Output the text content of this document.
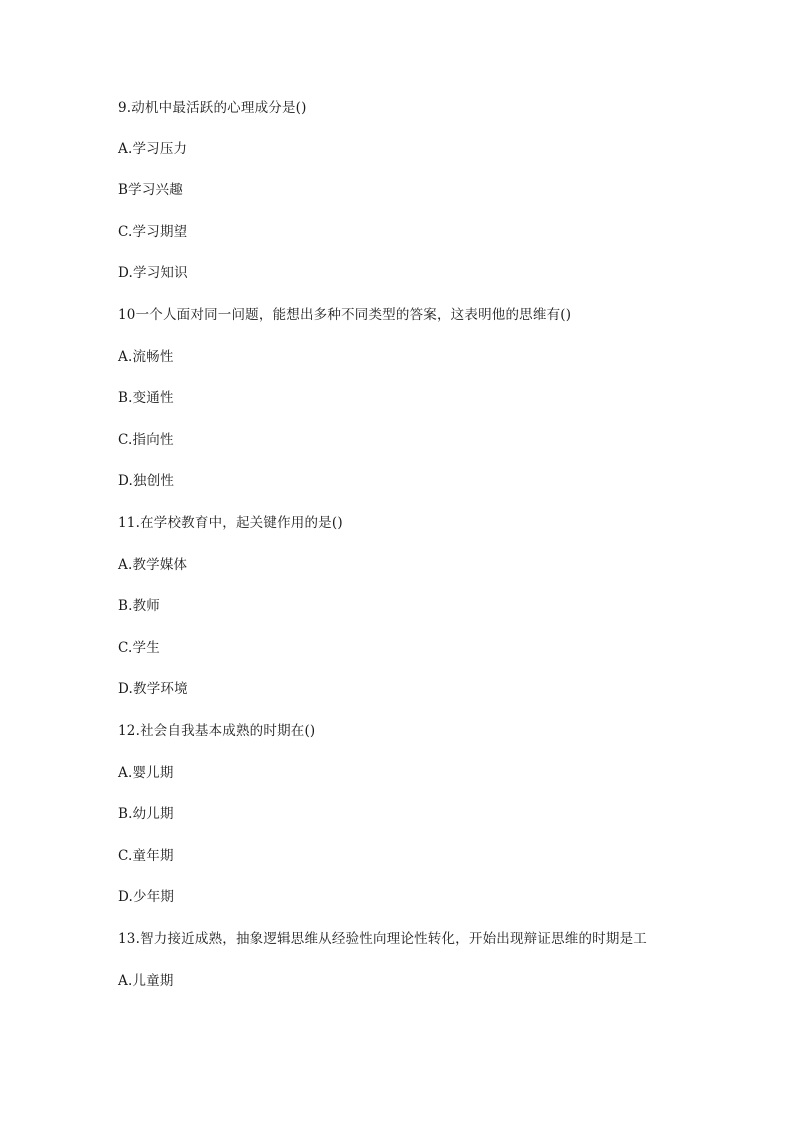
9.动机中最活跃的心理成分是()
A.学习压力
B学习兴趣
C.学习期望
D.学习知识
10一个人面对同一问题，能想出多种不同类型的答案，这表明他的思维有()
A.流畅性
B.变通性
C.指向性
D.独创性
11.在学校教育中，起关键作用的是()
A.教学媒体
B.教师
C.学生
D.教学环境
12.社会自我基本成熟的时期在()
A.婴儿期
B.幼儿期
C.童年期
D.少年期
13.智力接近成熟，抽象逻辑思维从经验性向理论性转化，开始出现辩证思维的时期是工
A.儿童期
